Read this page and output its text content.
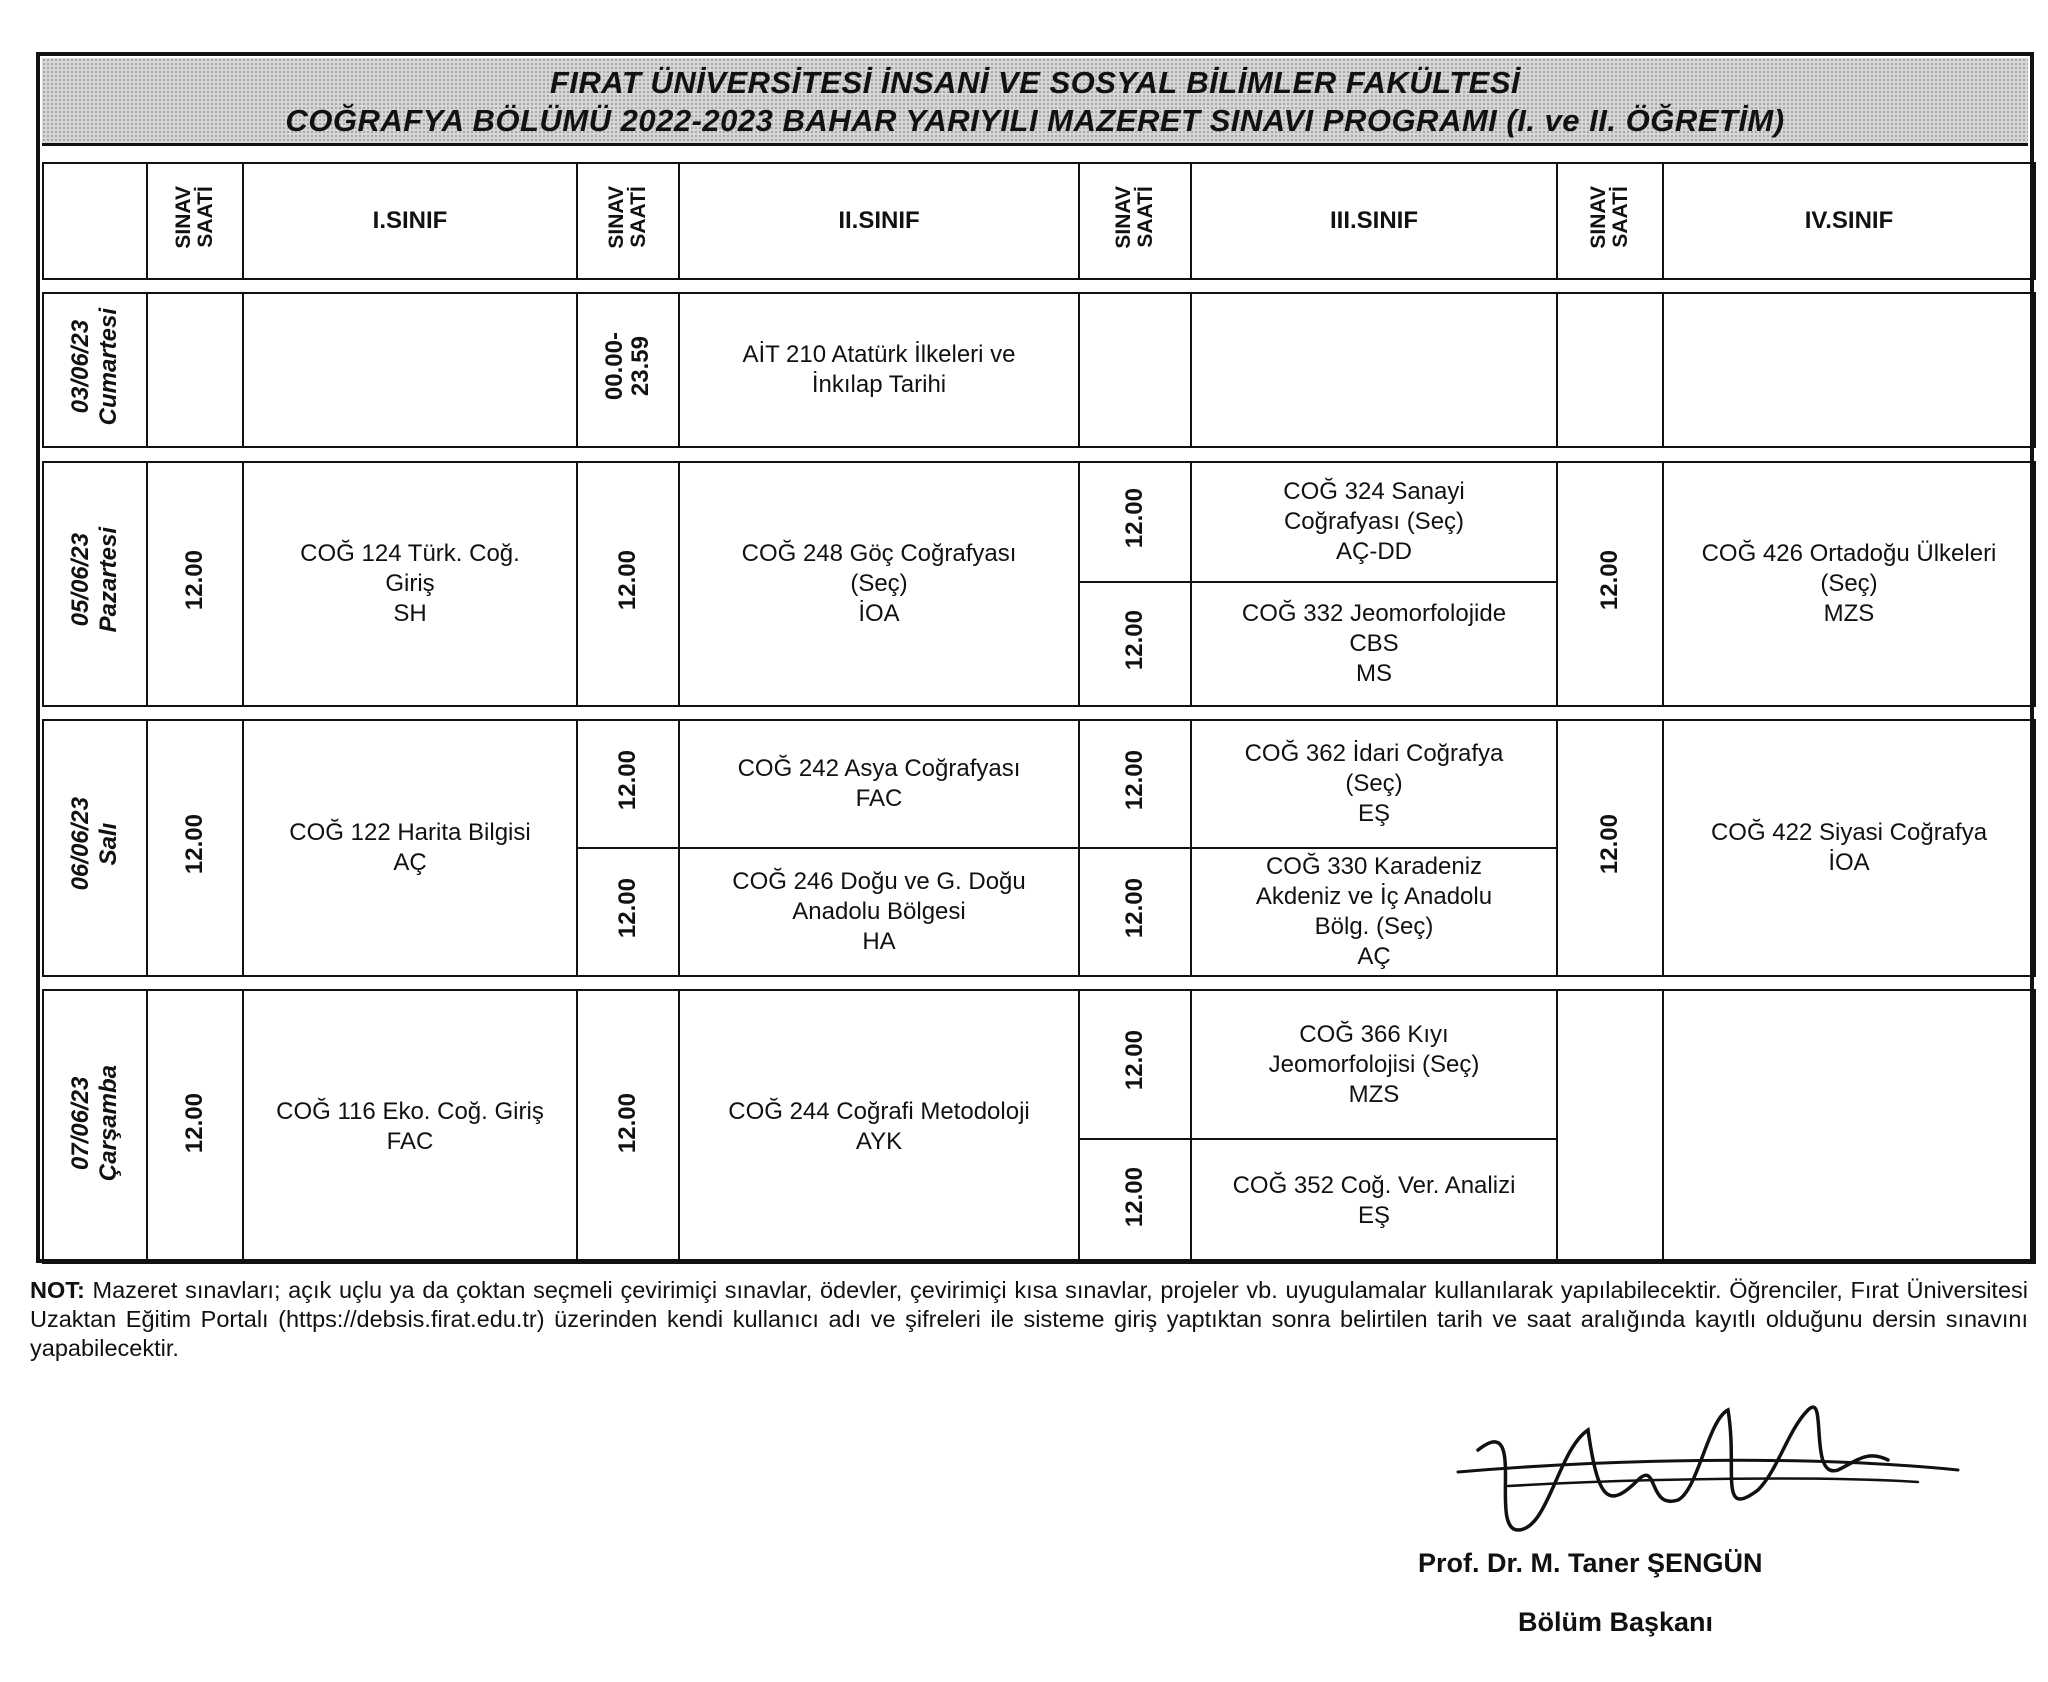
FIRAT ÜNİVERSİTESİ İNSANİ VE SOSYAL BİLİMLER FAKÜLTESİ
COĞRAFYA BÖLÜMÜ 2022-2023 BAHAR YARIYILI MAZERET SINAVI PROGRAMI (I. ve II. ÖĞRETİM)
	SINAV
SAATİ	I.SINIF	SINAV
SAATİ	II.SINIF	SINAV
SAATİ	III.SINIF	SINAV
SAATİ	IV.SINIF

03/06/23
Cumartesi			00.00-
23.59	AİT 210 Atatürk İlkeleri ve
İnkılap Tarihi				

05/06/23
Pazartesi	12.00	COĞ 124 Türk. Coğ.
Giriş
SH	12.00	COĞ 248 Göç Coğrafyası
(Seç)
İOA	12.00	COĞ 324 Sanayi
Coğrafyası (Seç)
AÇ-DD	12.00	COĞ 426 Ortadoğu Ülkeleri
(Seç)
MZS

					12.00	COĞ 332 Jeomorfolojide
CBS
MS		

06/06/23
Salı	12.00	COĞ 122 Harita Bilgisi
AÇ	12.00	COĞ 242 Asya Coğrafyası
FAC	12.00	COĞ 362 İdari Coğrafya
(Seç)
EŞ	12.00	COĞ 422 Siyasi Coğrafya
İOA

			12.00	COĞ 246 Doğu ve G. Doğu
Anadolu Bölgesi
HA	12.00	COĞ 330 Karadeniz
Akdeniz ve İç Anadolu
Bölg. (Seç)
AÇ		

07/06/23
Çarşamba	12.00	COĞ 116 Eko. Coğ. Giriş
FAC	12.00	COĞ 244 Coğrafi Metodoloji
AYK	12.00	COĞ 366 Kıyı
Jeomorfolojisi (Seç)
MZS		

					12.00	COĞ 352 Coğ. Ver. Analizi
EŞ		
NOT: Mazeret sınavları; açık uçlu ya da çoktan seçmeli çevirimiçi sınavlar, ödevler, çevirimiçi kısa sınavlar, projeler vb. uyugulamalar kullanılarak yapılabilecektir. Öğrenciler, Fırat Üniversitesi Uzaktan Eğitim Portalı (https://debsis.firat.edu.tr) üzerinden kendi kullanıcı adı ve şifreleri ile sisteme giriş yaptıktan sonra belirtilen tarih ve saat aralığında kayıtlı olduğunu dersin sınavını yapabilecektir.
Prof. Dr. M. Taner ŞENGÜN
Bölüm Başkanı
